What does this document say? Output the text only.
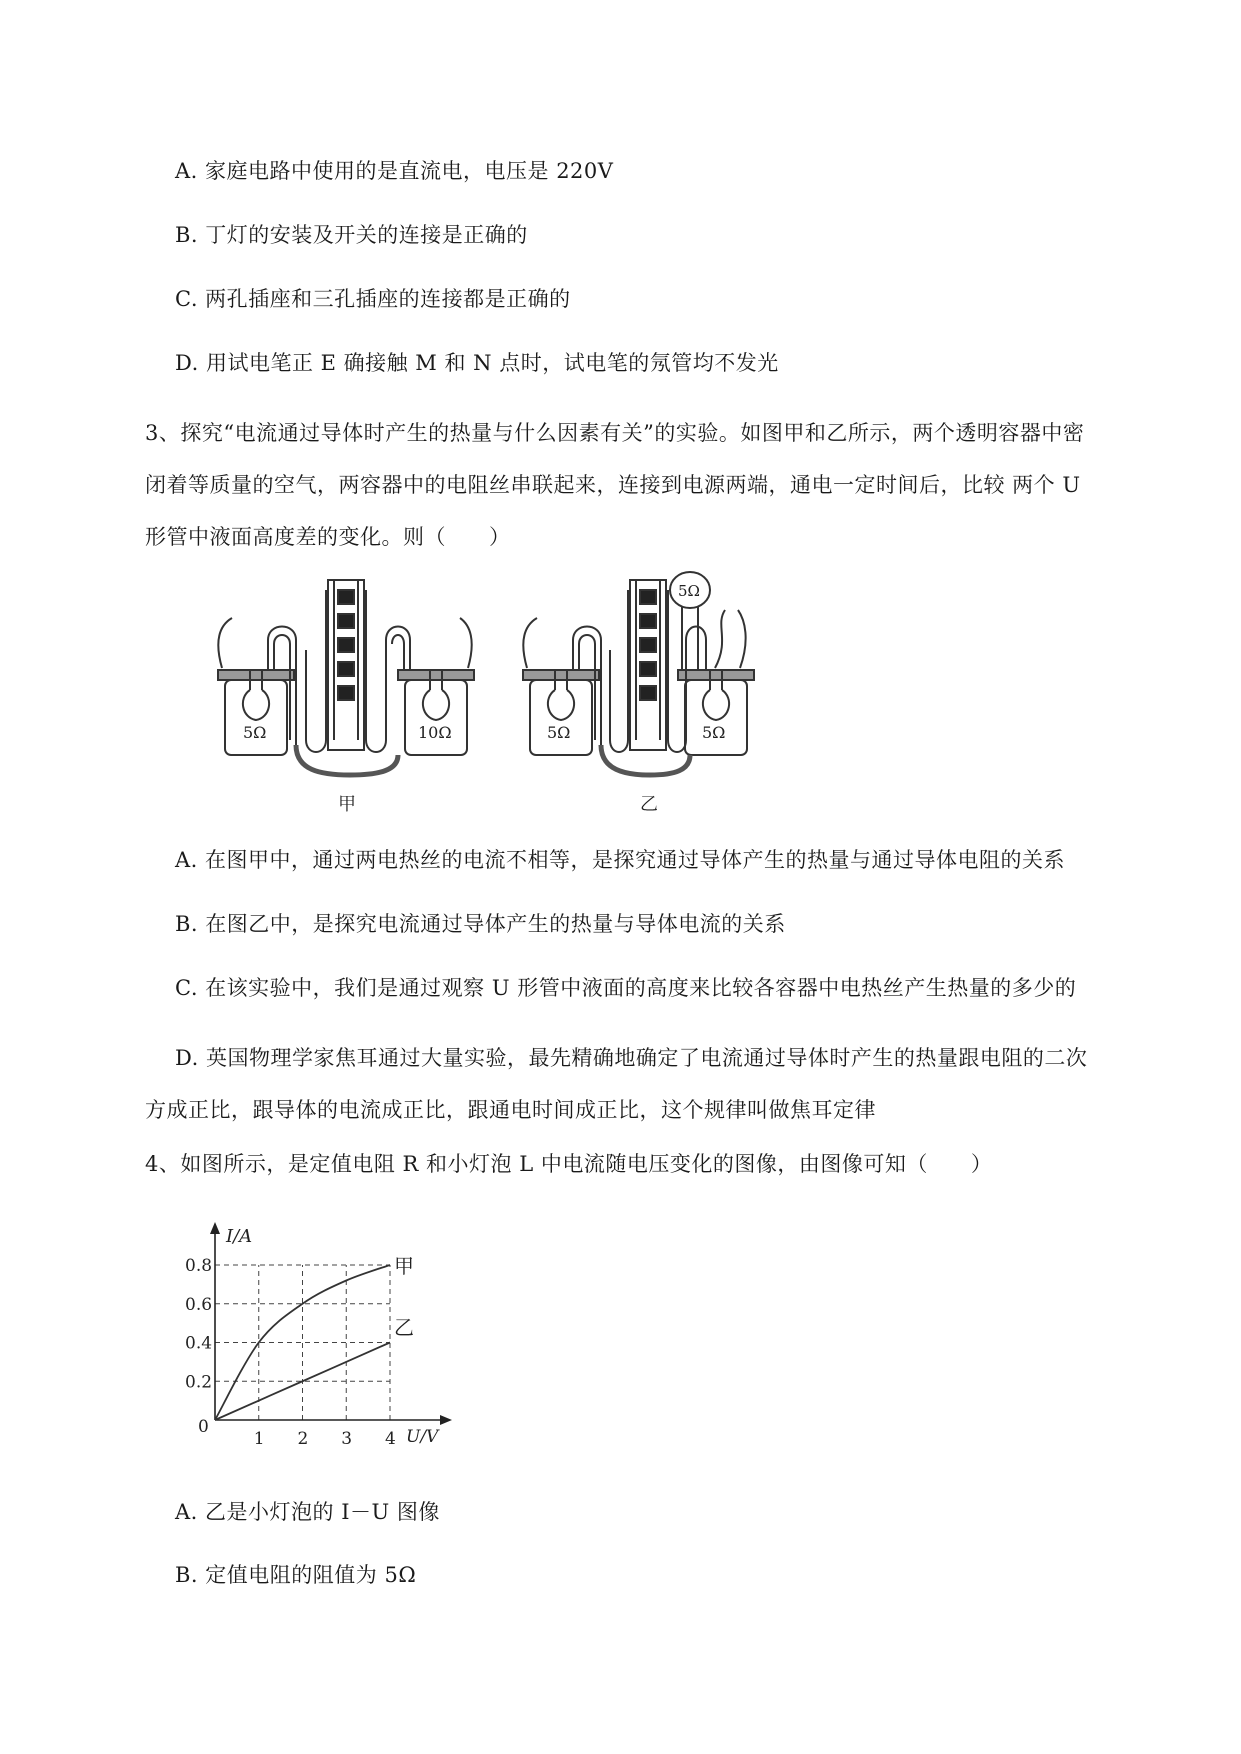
A. 家庭电路中使用的是直流电，电压是 220V
B. 丁灯的安装及开关的连接是正确的
C. 两孔插座和三孔插座的连接都是正确的
D. 用试电笔正 E 确接触 M 和 N 点时，试电笔的氖管均不发光
3、探究“电流通过导体时产生的热量与什么因素有关”的实验。如图甲和乙所示，两个透明容器中密闭着等质量的空气，两容器中的电阻丝串联起来，连接到电源两端，通电一定时间后，比较 两个 U 形管中液面高度差的变化。则（　　）
5Ω	10Ω
甲
5Ω	5Ω
5Ω
乙
A. 在图甲中，通过两电热丝的电流不相等，是探究通过导体产生的热量与通过导体电阻的关系
B. 在图乙中，是探究电流通过导体产生的热量与导体电流的关系
C. 在该实验中，我们是通过观察 U 形管中液面的高度来比较各容器中电热丝产生热量的多少的
D. 英国物理学家焦耳通过大量实验，最先精确地确定了电流通过导体时产生的热量跟电阻的二次方成正比，跟导体的电流成正比，跟通电时间成正比，这个规律叫做焦耳定律
4、如图所示，是定值电阻 R 和小灯泡 L 中电流随电压变化的图像，由图像可知（　　）
1 2 3 4
0.2
0.4
0.6
0.8	甲
乙
I/A
U/V
0
A. 乙是小灯泡的 I－U 图像
B. 定值电阻的阻值为 5Ω
